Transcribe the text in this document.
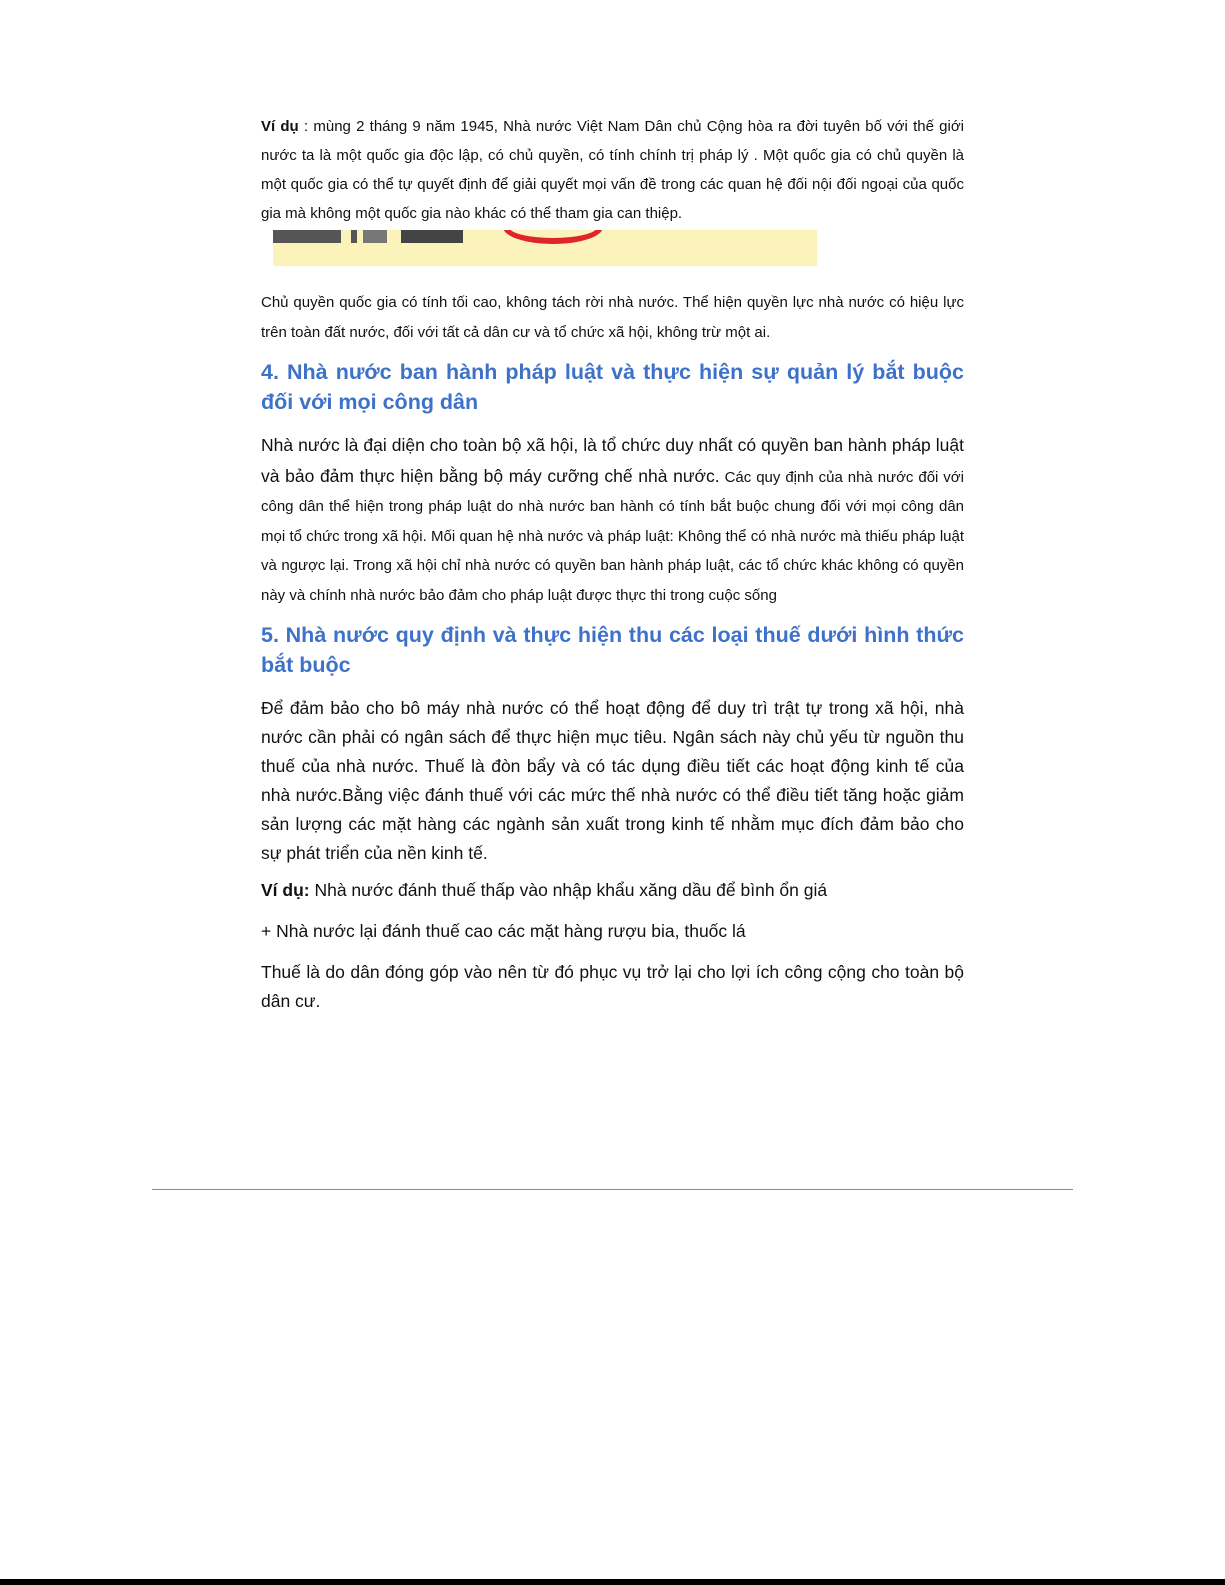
Ví dụ : mùng 2 tháng 9 năm 1945, Nhà nước Việt Nam Dân chủ Cộng hòa ra đời tuyên bố với thế giới nước ta là một quốc gia độc lập, có chủ quyền, có tính chính trị pháp lý . Một quốc gia có chủ quyền là một quốc gia có thể tự quyết định để giải quyết mọi vấn đề trong các quan hệ đối nội đối ngoại của quốc gia mà không một quốc gia nào khác có thể tham gia can thiệp.

Chủ quyền quốc gia có tính tối cao, không tách rời nhà nước. Thể hiện quyền lực nhà nước có hiệu lực trên toàn đất nước, đối với tất cả dân cư và tổ chức xã hội, không trừ một ai.

4. Nhà nước ban hành pháp luật và thực hiện sự quản lý bắt buộc đối với mọi công dân

Nhà nước là đại diện cho toàn bộ xã hội, là tổ chức duy nhất có quyền ban hành pháp luật và bảo đảm thực hiện bằng bộ máy cưỡng chế nhà nước. Các quy định của nhà nước đối với công dân thể hiện trong pháp luật do nhà nước ban hành có tính bắt buộc chung đối với mọi công dân mọi tổ chức trong xã hội. Mối quan hệ nhà nước và pháp luật: Không thể có nhà nước mà thiếu pháp luật và ngược lại. Trong xã hội chỉ nhà nước có quyền ban hành pháp luật, các tổ chức khác không có quyền này và chính nhà nước bảo đảm cho pháp luật được thực thi trong cuộc sống

5. Nhà nước quy định và thực hiện thu các loại thuế dưới hình thức bắt buộc

Để đảm bảo cho bô máy nhà nước có thể hoạt động để duy trì trật tự trong xã hội, nhà nước cần phải có ngân sách để thực hiện mục tiêu. Ngân sách này chủ yếu từ nguồn thu thuế của nhà nước. Thuế là đòn bẩy và có tác dụng điều tiết các hoạt động kinh tế của nhà nước.Bằng việc đánh thuế với các mức thế nhà nước có thể điều tiết tăng hoặc giảm sản lượng các mặt hàng các ngành sản xuất trong kinh tế nhằm mục đích đảm bảo cho sự phát triển của nền kinh tế.

Ví dụ: Nhà nước đánh thuế thấp vào nhập khẩu xăng dầu để bình ổn giá

+ Nhà nước lại đánh thuế cao các mặt hàng rượu bia, thuốc lá

Thuế là do dân đóng góp vào nên từ đó phục vụ trở lại cho lợi ích công cộng cho toàn bộ dân cư.
